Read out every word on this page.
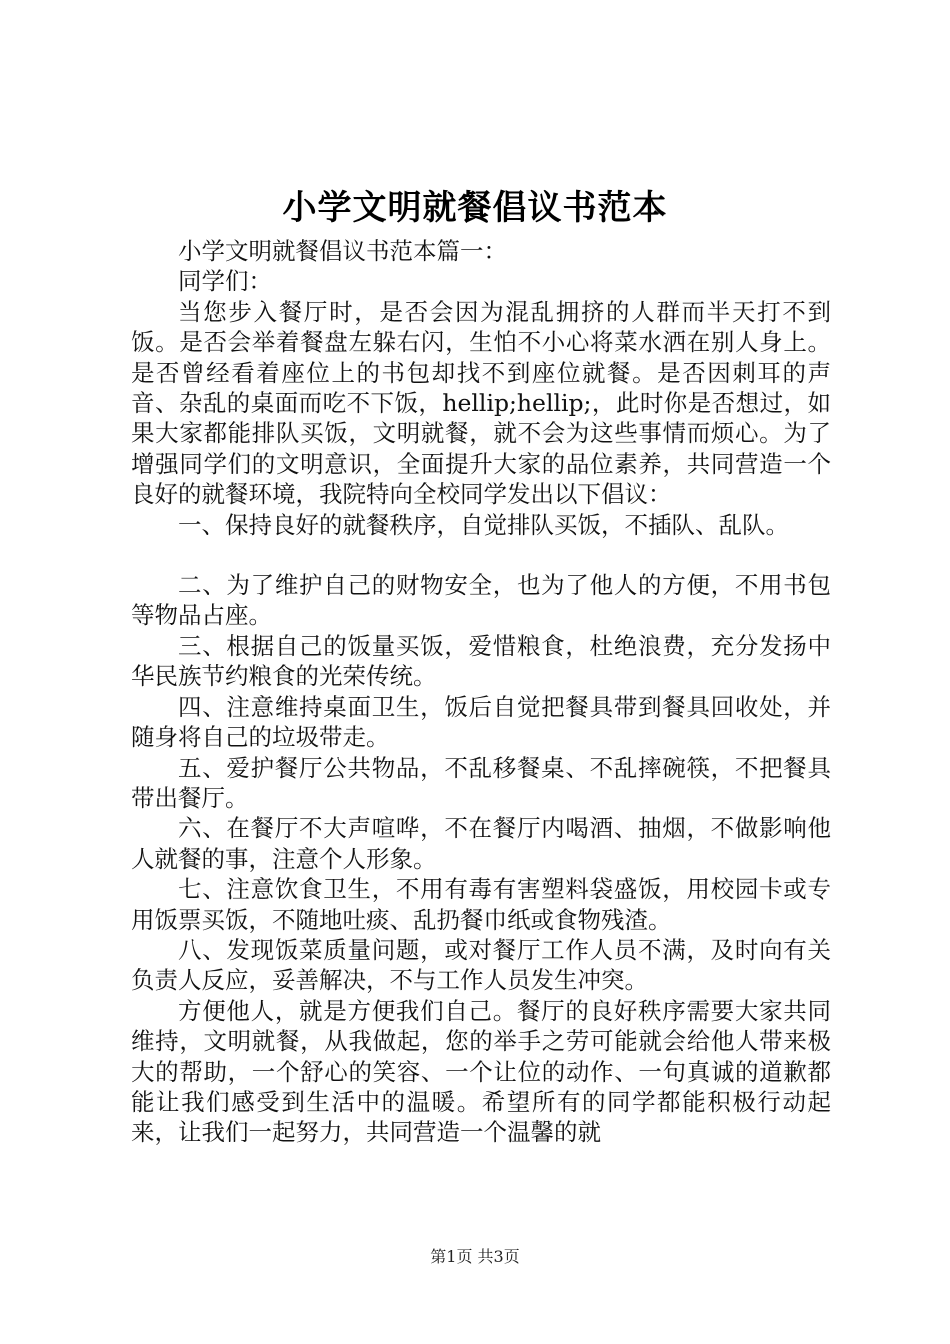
小学文明就餐倡议书范本

小学文明就餐倡议书范本篇一：

同学们：

当您步入餐厅时，是否会因为混乱拥挤的人群而半天打不到饭。是否会举着餐盘左躲右闪，生怕不小心将菜水洒在别人身上。是否曾经看着座位上的书包却找不到座位就餐。是否因刺耳的声音、杂乱的桌面而吃不下饭，hellip;hellip;，此时你是否想过，如果大家都能排队买饭，文明就餐，就不会为这些事情而烦心。为了增强同学们的文明意识，全面提升大家的品位素养，共同营造一个良好的就餐环境，我院特向全校同学发出以下倡议：

一、保持良好的就餐秩序，自觉排队买饭，不插队、乱队。

二、为了维护自己的财物安全，也为了他人的方便，不用书包等物品占座。

三、根据自己的饭量买饭，爱惜粮食，杜绝浪费，充分发扬中华民族节约粮食的光荣传统。

四、注意维持桌面卫生，饭后自觉把餐具带到餐具回收处，并随身将自己的垃圾带走。

五、爱护餐厅公共物品，不乱移餐桌、不乱摔碗筷，不把餐具带出餐厅。

六、在餐厅不大声喧哗，不在餐厅内喝酒、抽烟，不做影响他人就餐的事，注意个人形象。

七、注意饮食卫生，不用有毒有害塑料袋盛饭，用校园卡或专用饭票买饭，不随地吐痰、乱扔餐巾纸或食物残渣。

八、发现饭菜质量问题，或对餐厅工作人员不满，及时向有关负责人反应，妥善解决，不与工作人员发生冲突。

方便他人，就是方便我们自己。餐厅的良好秩序需要大家共同维持，文明就餐，从我做起，您的举手之劳可能就会给他人带来极大的帮助，一个舒心的笑容、一个让位的动作、一句真诚的道歉都能让我们感受到生活中的温暖。希望所有的同学都能积极行动起来，让我们一起努力，共同营造一个温馨的就

第1页 共3页
